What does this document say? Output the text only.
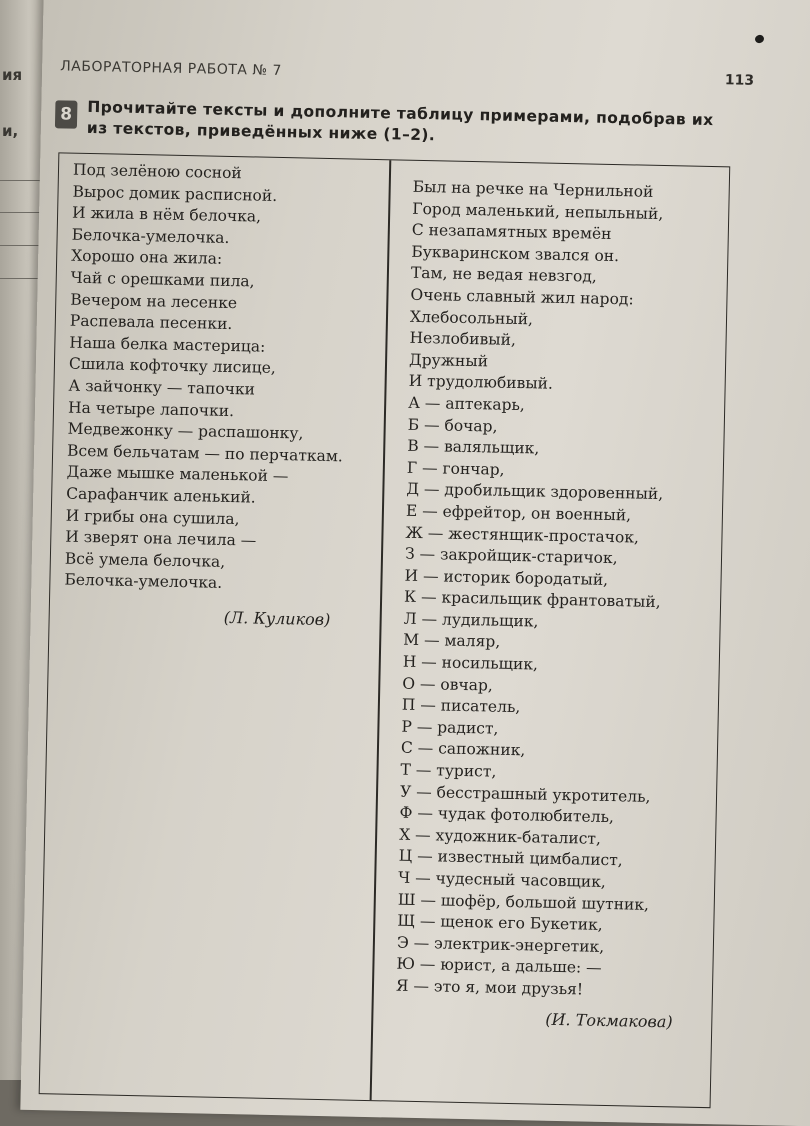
ия
и,
ЛАБОРАТОРНАЯ РАБОТА № 7
113
8 Прочитайте тексты и дополните таблицу примерами, подобрав их из текстов, приведённых ниже (1–2).
Под зелёною сосной
Вырос домик расписной.
И жила в нём белочка,
Белочка-умелочка.
Хорошо она жила:
Чай с орешками пила,
Вечером на лесенке
Распевала песенки.
Наша белка мастерица:
Сшила кофточку лисице,
А зайчонку — тапочки
На четыре лапочки.
Медвежонку — распашонку,
Всем бельчатам — по перчаткам.
Даже мышке маленькой —
Сарафанчик аленький.
И грибы она сушила,
И зверят она лечила —
Всё умела белочка,
Белочка-умелочка.
(Л. Куликов)
Был на речке на Чернильной
Город маленький, непыльный,
С незапамятных времён
Букваринском звался он.
Там, не ведая невзгод,
Очень славный жил народ:
Хлебосольный,
Незлобивый,
Дружный
И трудолюбивый.
А — аптекарь,
Б — бочар,
В — валяльщик,
Г — гончар,
Д — дробильщик здоровенный,
Е — ефрейтор, он военный,
Ж — жестянщик-простачок,
З — закройщик-старичок,
И — историк бородатый,
К — красильщик франтоватый,
Л — лудильщик,
М — маляр,
Н — носильщик,
О — овчар,
П — писатель,
Р — радист,
С — сапожник,
Т — турист,
У — бесстрашный укротитель,
Ф — чудак фотолюбитель,
Х — художник-баталист,
Ц — известный цимбалист,
Ч — чудесный часовщик,
Ш — шофёр, большой шутник,
Щ — щенок его Букетик,
Э — электрик-энергетик,
Ю — юрист, а дальше: —
Я — это я, мои друзья!
(И. Токмакова)
